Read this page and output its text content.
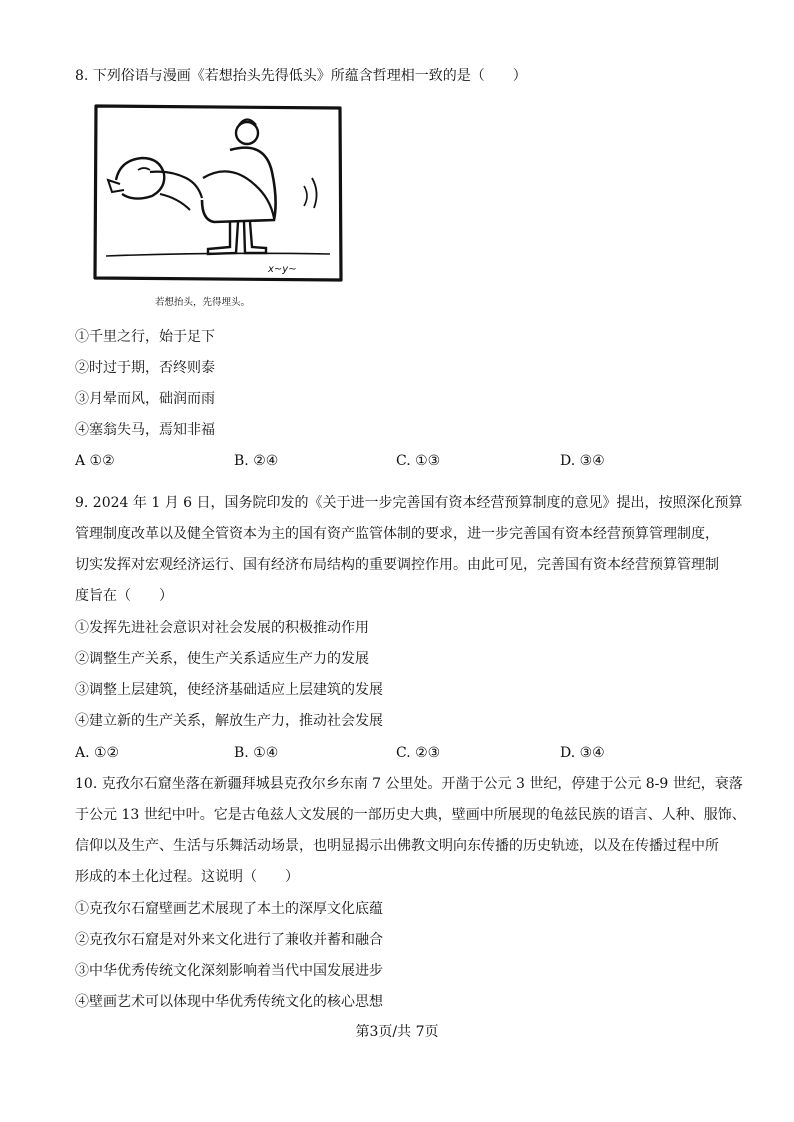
8. 下列俗语与漫画《若想抬头先得低头》所蕴含哲理相一致的是（　　）
x~y~
若想抬头，先得埋头。
①千里之行，始于足下
②时过于期，否终则泰
③月晕而风，础润而雨
④塞翁失马，焉知非福
A ①②	B. ②④	C. ①③	D. ③④
9. 2024 年 1 月 6 日，国务院印发的《关于进一步完善国有资本经营预算制度的意见》提出，按照深化预算
管理制度改革以及健全管资本为主的国有资产监管体制的要求，进一步完善国有资本经营预算管理制度，
切实发挥对宏观经济运行、国有经济布局结构的重要调控作用。由此可见，完善国有资本经营预算管理制
度旨在（　　）
①发挥先进社会意识对社会发展的积极推动作用
②调整生产关系，使生产关系适应生产力的发展
③调整上层建筑，使经济基础适应上层建筑的发展
④建立新的生产关系，解放生产力，推动社会发展
A. ①②	B. ①④	C. ②③	D. ③④
10. 克孜尔石窟坐落在新疆拜城县克孜尔乡东南 7 公里处。开凿于公元 3 世纪，停建于公元 8-9 世纪，衰落
于公元 13 世纪中叶。它是古龟兹人文发展的一部历史大典，壁画中所展现的龟兹民族的语言、人种、服饰、
信仰以及生产、生活与乐舞活动场景，也明显揭示出佛教文明向东传播的历史轨迹，以及在传播过程中所
形成的本土化过程。这说明（　　）
①克孜尔石窟壁画艺术展现了本土的深厚文化底蕴
②克孜尔石窟是对外来文化进行了兼收并蓄和融合
③中华优秀传统文化深刻影响着当代中国发展进步
④壁画艺术可以体现中华优秀传统文化的核心思想
第3页/共 7页
